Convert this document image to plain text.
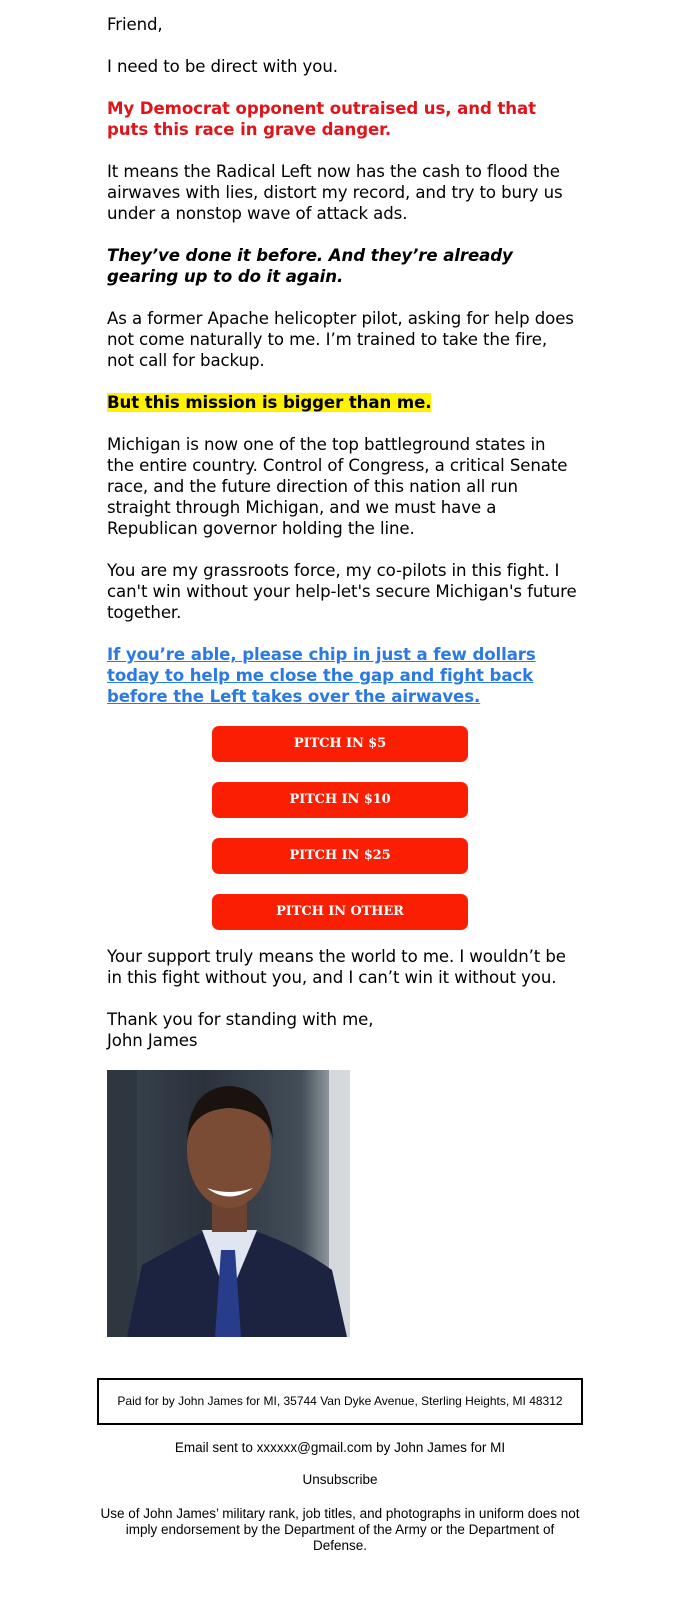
Friend,

I need to be direct with you.

My Democrat opponent outraised us, and that puts this race in grave danger.

It means the Radical Left now has the cash to flood the airwaves with lies, distort my record, and try to bury us under a nonstop wave of attack ads.

They’ve done it before. And they’re already gearing up to do it again.

As a former Apache helicopter pilot, asking for help does not come naturally to me. I’m trained to take the fire, not call for backup.

But this mission is bigger than me.

Michigan is now one of the top battleground states in the entire country. Control of Congress, a critical Senate race, and the future direction of this nation all run straight through Michigan, and we must have a Republican governor holding the line.

You are my grassroots force, my co-pilots in this fight. I can't win without your help-let's secure Michigan's future together.

If you’re able, please chip in just a few dollars today to help me close the gap and fight back before the Left takes over the airwaves.

PITCH IN $5
PITCH IN $10
PITCH IN $25
PITCH IN OTHER

Your support truly means the world to me. I wouldn’t be in this fight without you, and I can’t win it without you.

Thank you for standing with me,

John James

Paid for by John James for MI, 35744 Van Dyke Avenue, Sterling Heights, MI 48312
Email sent to xxxxxx@gmail.com by John James for MI
Unsubscribe
Use of John James’ military rank, job titles, and photographs in uniform does not imply endorsement by the Department of the Army or the Department of Defense.
